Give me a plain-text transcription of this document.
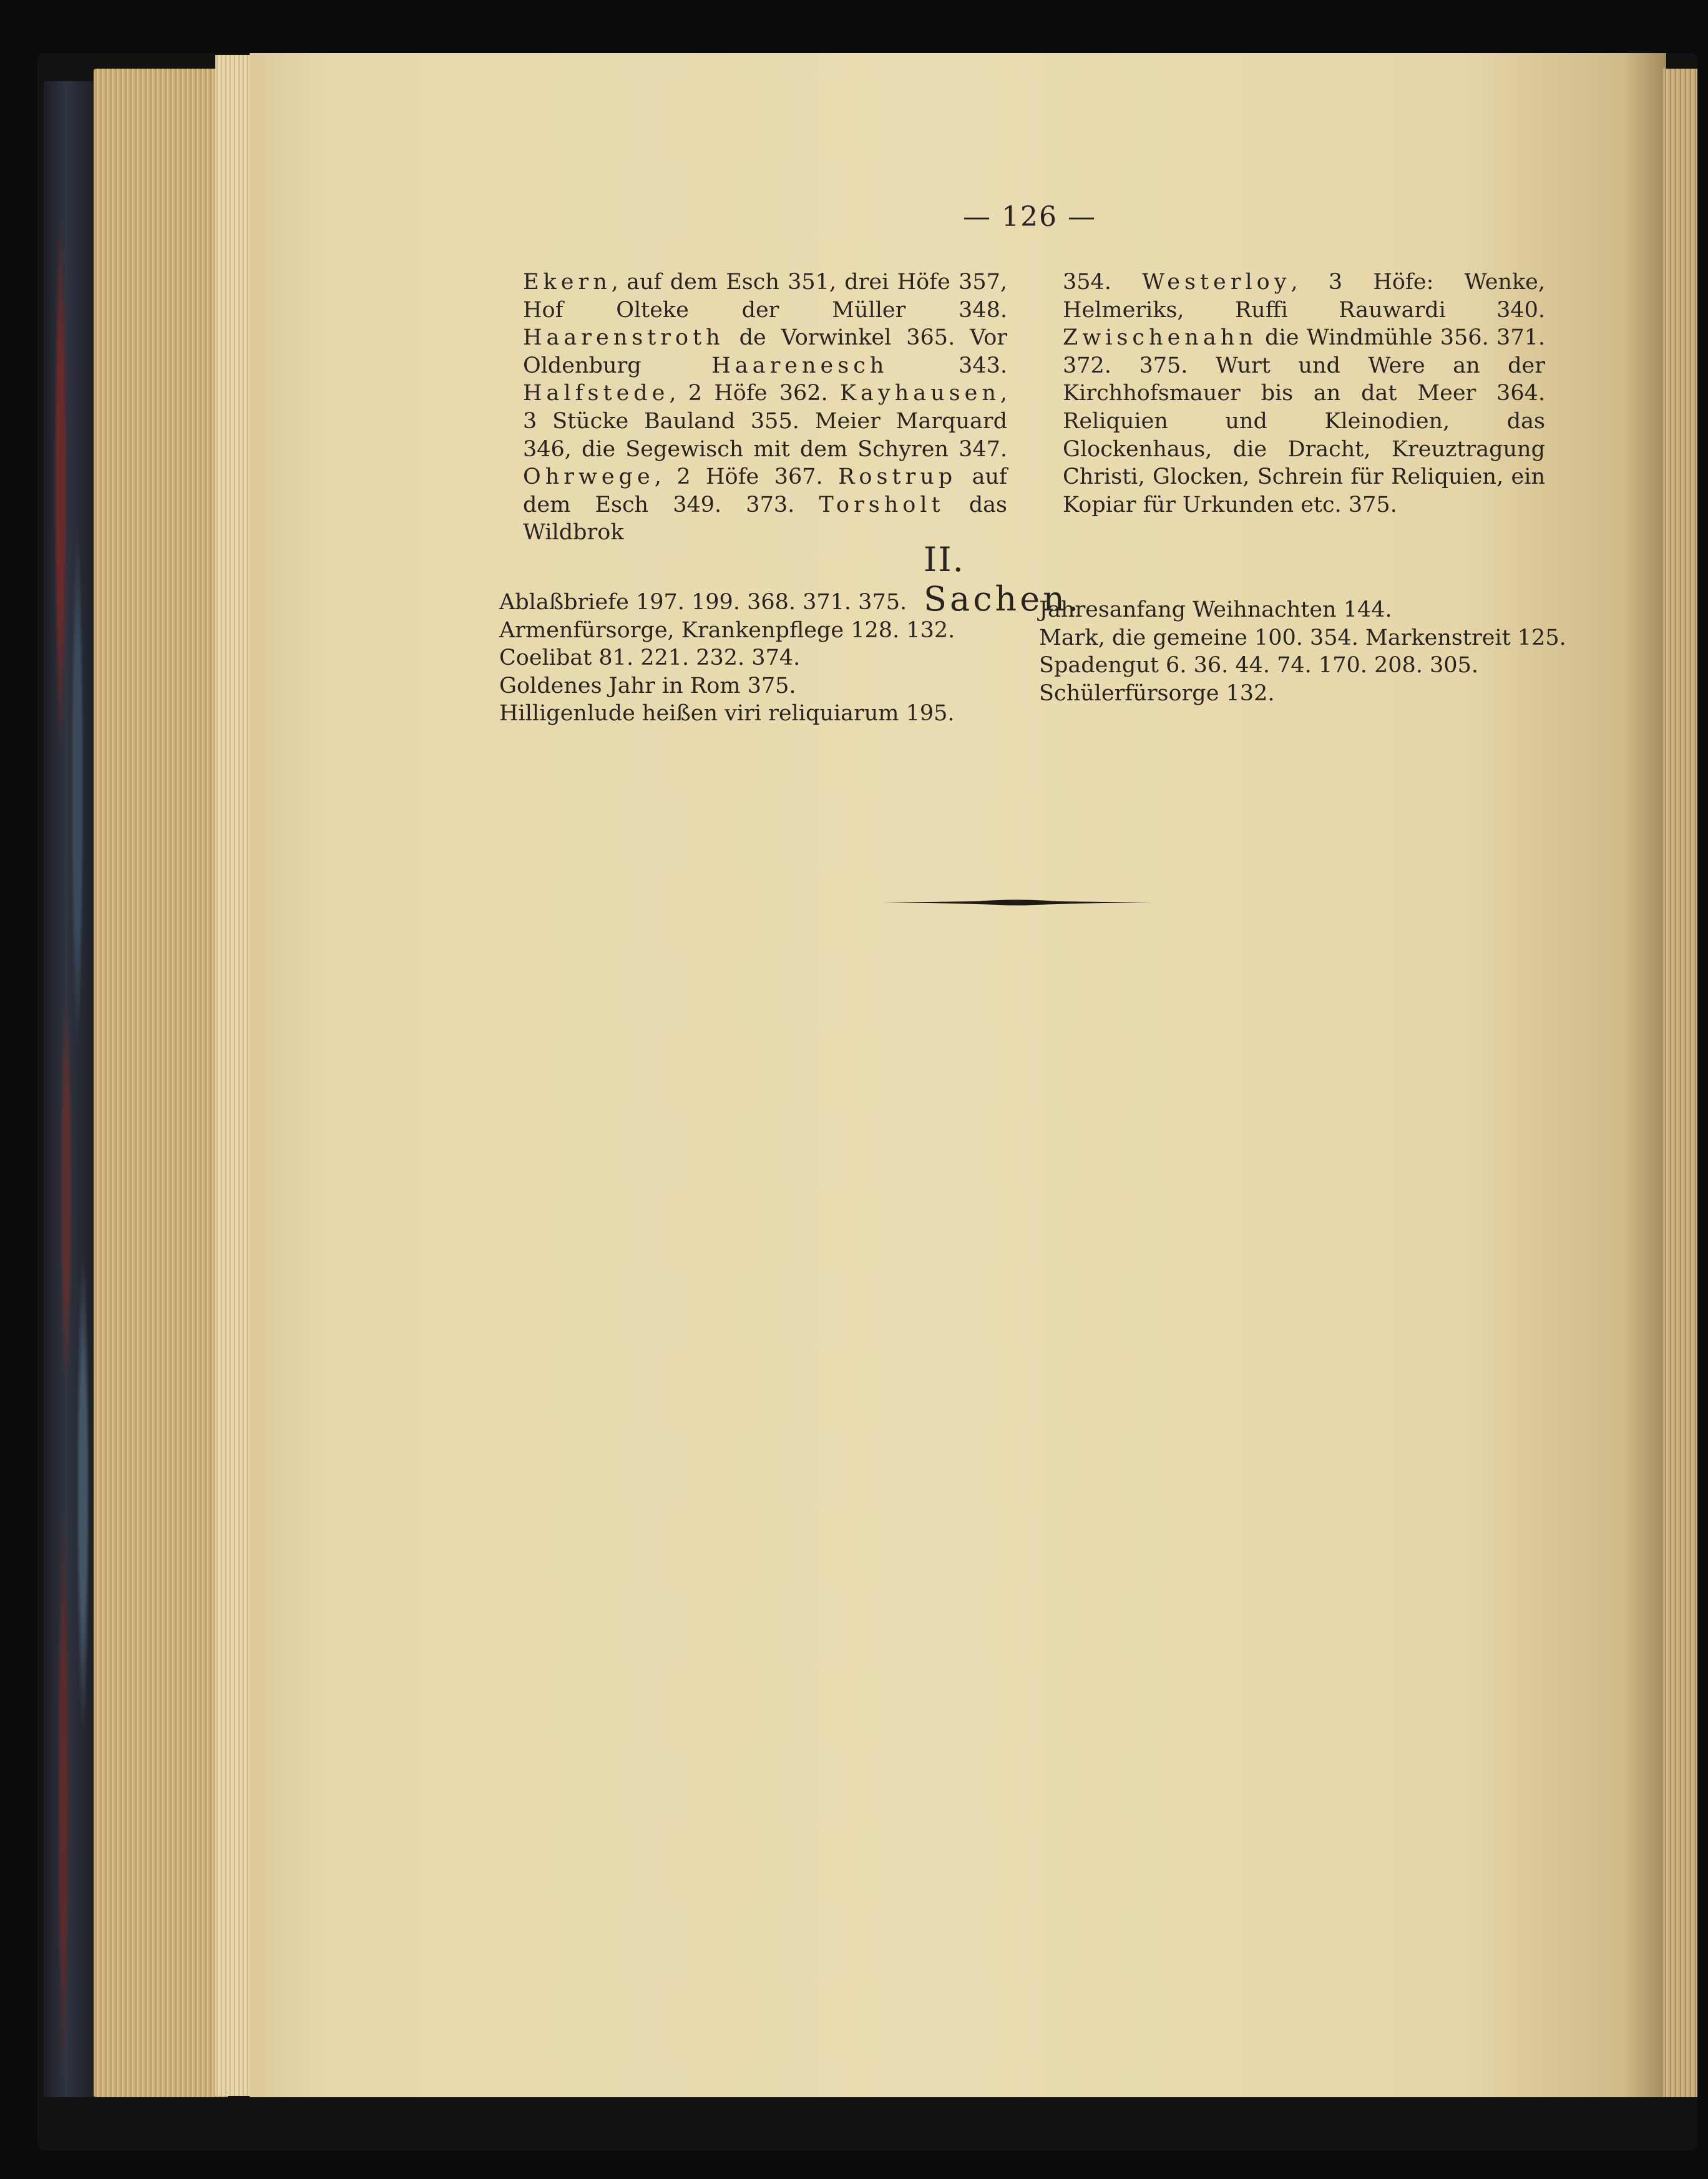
— 126 —
Ekern, auf dem Esch 351, drei Höfe 357, Hof Olteke der Müller 348. Haarenstroth de Vorwinkel 365. Vor Oldenburg Haarenesch 343. Halfstede, 2 Höfe 362. Kayhausen, 3 Stücke Bauland 355. Meier Marquard 346, die Segewisch mit dem Schyren 347. Ohrwege, 2 Höfe 367. Rostrup auf dem Esch 349. 373. Torsholt das Wildbrok
354. Westerloy, 3 Höfe: Wenke, Helmeriks, Ruffi Rauwardi 340. Zwischenahn die Windmühle 356. 371. 372. 375. Wurt und Were an der Kirchhofsmauer bis an dat Meer 364. Reliquien und Kleinodien, das Glockenhaus, die Dracht, Kreuztragung Christi, Glocken, Schrein für Reliquien, ein Kopiar für Urkunden etc. 375.
II. Sachen.
Ablaßbriefe 197. 199. 368. 371. 375.
Armenfürsorge, Krankenpflege 128. 132.
Coelibat 81. 221. 232. 374.
Goldenes Jahr in Rom 375.
Hilligenlude heißen viri reliquiarum 195.
Jahresanfang Weihnachten 144.
Mark, die gemeine 100. 354. Markenstreit 125.
Spadengut 6. 36. 44. 74. 170. 208. 305.
Schülerfürsorge 132.
